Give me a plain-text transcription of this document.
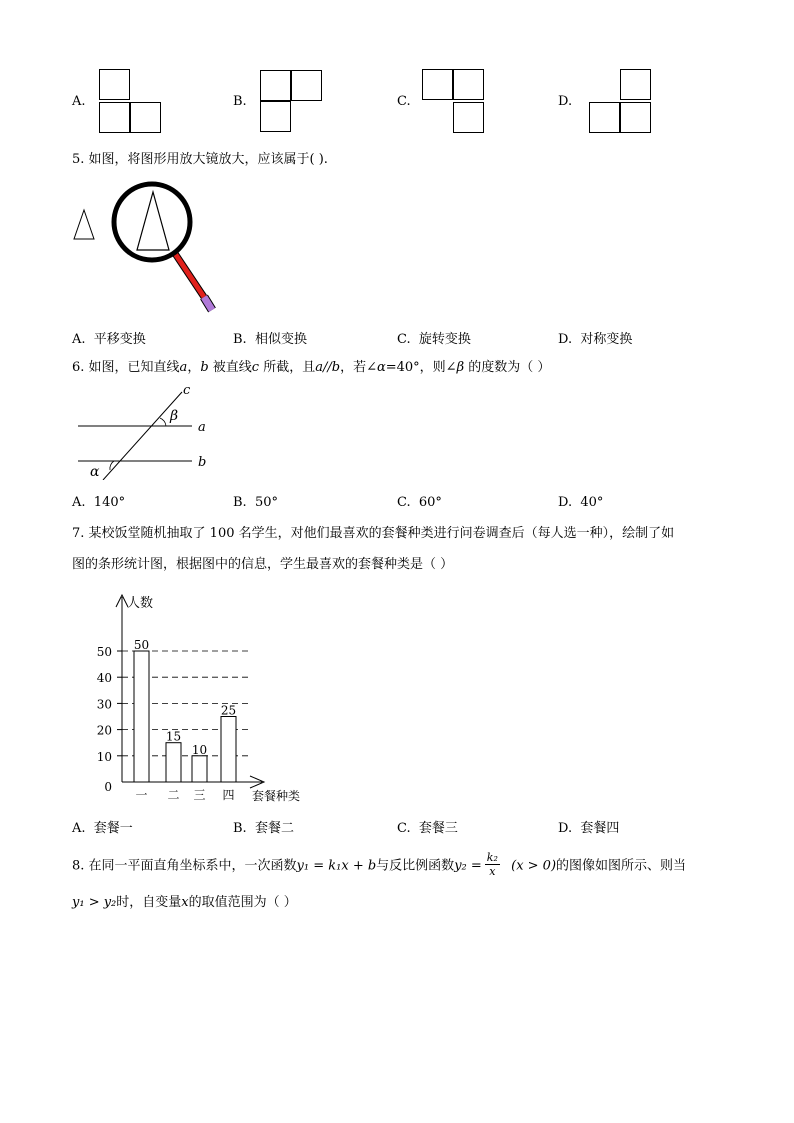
A.	B.	C.	D.
5. 如图，将图形用放大镜放大，应该属于( ).
A. 平移变换	B. 相似变换	C. 旋转变换	D. 对称变换
6. 如图，已知直线a，b 被直线c 所截，且a//b，若∠α=40°，则∠β 的度数为（ ）
c
β
a
b
α
A. 140°	B. 50°	C. 60°	D. 40°
7. 某校饭堂随机抽取了 100 名学生，对他们最喜欢的套餐种类进行问卷调查后（每人选一种），绘制了如
图的条形统计图，根据图中的信息，学生最喜欢的套餐种类是（ ）
人数
套餐种类
0
10
20
30
40
50 50
一
15
二
10
三
25
四
A. 套餐一	B. 套餐二	C. 套餐三	D. 套餐四
8. 在同一平面直角坐标系中，一次函数y₁ = k₁x + b与反比例函数$y_2 = \frac{\text{k₂}}{x} (x > 0)$的图像如图所示、则当
y₁ > y₂时，自变量x的取值范围为（ ）
